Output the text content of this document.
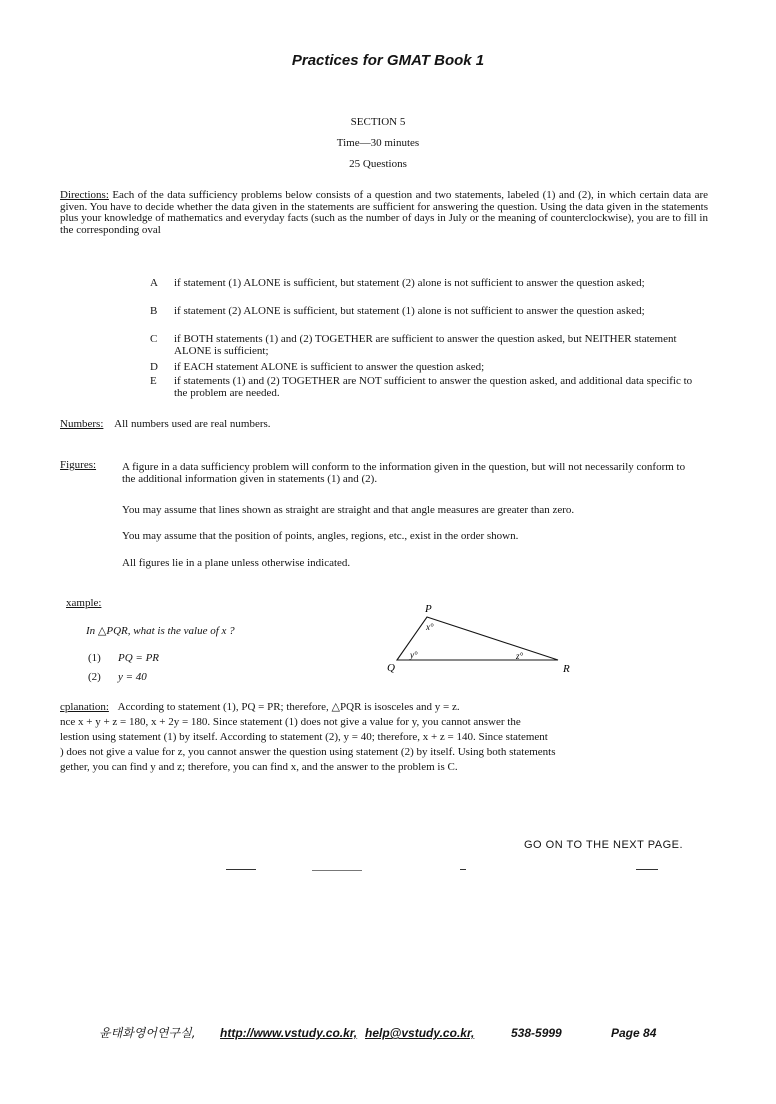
Practices for GMAT Book 1
SECTION 5
Time—30 minutes
25 Questions
Directions: Each of the data sufficiency problems below consists of a question and two statements, labeled (1) and (2), in which certain data are given. You have to decide whether the data given in the statements are sufficient for answering the question. Using the data given in the statements plus your knowledge of mathematics and everyday facts (such as the number of days in July or the meaning of counterclockwise), you are to fill in the corresponding oval
A	if statement (1) ALONE is sufficient, but statement (2) alone is not sufficient to answer the question asked;
B	if statement (2) ALONE is sufficient, but statement (1) alone is not sufficient to answer the question asked;
C	if BOTH statements (1) and (2) TOGETHER are sufficient to answer the question asked, but NEITHER statement ALONE is sufficient;
D	if EACH statement ALONE is sufficient to answer the question asked;
E	if statements (1) and (2) TOGETHER are NOT sufficient to answer the question asked, and additional data specific to the problem are needed.
Numbers: All numbers used are real numbers.
Figures: A figure in a data sufficiency problem will conform to the information given in the question, but will not necessarily conform to the additional information given in statements (1) and (2).
You may assume that lines shown as straight are straight and that angle measures are greater than zero.
You may assume that the position of points, angles, regions, etc., exist in the order shown.
All figures lie in a plane unless otherwise indicated.
xample:
In △PQR, what is the value of x ?
(1) PQ = PR
(2) y = 40
P
Q	R
x°
y°	z°
cplanation: According to statement (1), PQ = PR; therefore, △PQR is isosceles and y = z.
nce x + y + z = 180, x + 2y = 180. Since statement (1) does not give a value for y, you cannot answer the
lestion using statement (1) by itself. According to statement (2), y = 40; therefore, x + z = 140. Since statement
) does not give a value for z, you cannot answer the question using statement (2) by itself. Using both statements
gether, you can find y and z; therefore, you can find x, and the answer to the problem is C.
GO ON TO THE NEXT PAGE.
윤태화영어연구실, http://www.vstudy.co.kr, help@vstudy.co.kr,	538-5999	Page 84
